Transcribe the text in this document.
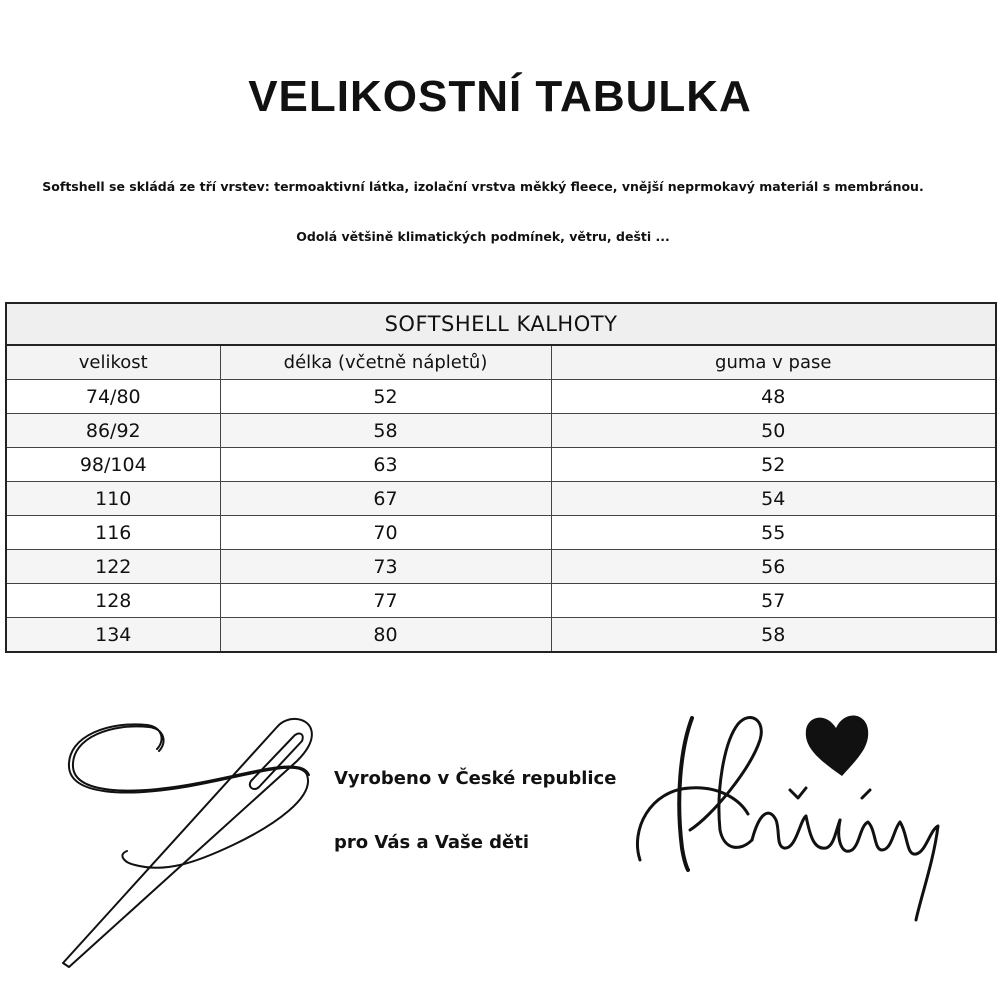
VELIKOSTNÍ TABULKA
Softshell se skládá ze tří vrstev: termoaktivní látka, izolační vrstva měkký fleece, vnější neprmokavý materiál s membránou.
Odolá většině klimatických podmínek, větru, dešti ...
SOFTSHELL KALHOTY		
velikost	délka (včetně nápletů)	guma v pase
74/80	52	48
86/92	58	50
98/104	63	52
110	67	54
116	70	55
122	73	56
128	77	57
134	80	58
Vyrobeno v České republice
pro Vás a Vaše děti
